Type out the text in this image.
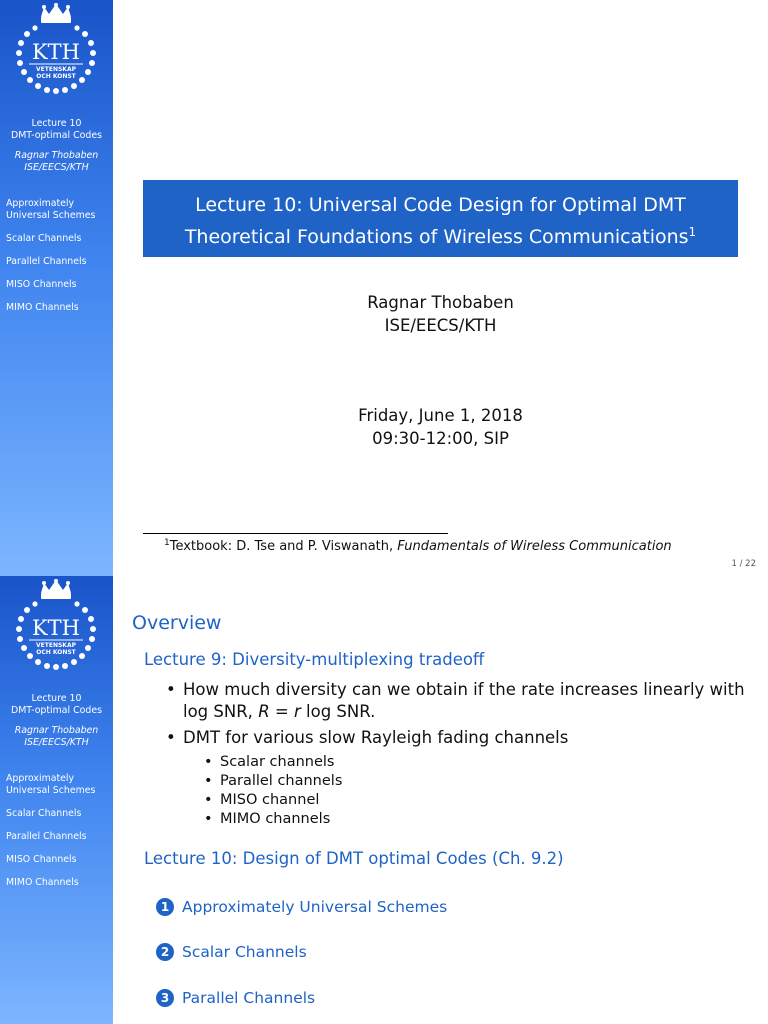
KTH
VETENSKAP
OCH KONST
Lecture 10
DMT-optimal Codes
Ragnar Thobaben
ISE/EECS/KTH
Approximately
Universal Schemes
Scalar Channels
Parallel Channels
MISO Channels
MIMO Channels
Lecture 10: Universal Code Design for Optimal DMT
Theoretical Foundations of Wireless Communications$^1$
Ragnar Thobaben
ISE/EECS/KTH
Friday, June 1, 2018
09:30-12:00, SIP
$^1$Textbook: D. Tse and P. Viswanath, Fundamentals of Wireless Communication
1 / 22
KTH
VETENSKAP
OCH KONST
Lecture 10
DMT-optimal Codes
Ragnar Thobaben
ISE/EECS/KTH
Approximately
Universal Schemes
Scalar Channels
Parallel Channels
MISO Channels
MIMO Channels
Overview
Lecture 9: Diversity-multiplexing tradeoff
• How much diversity can we obtain if the rate increases linearly with
log SNR, R = r log SNR.
• DMT for various slow Rayleigh fading channels
• Scalar channels
• Parallel channels
• MISO channel
• MIMO channels
Lecture 10: Design of DMT optimal Codes (Ch. 9.2)
1 Approximately Universal Schemes
2 Scalar Channels
3 Parallel Channels
